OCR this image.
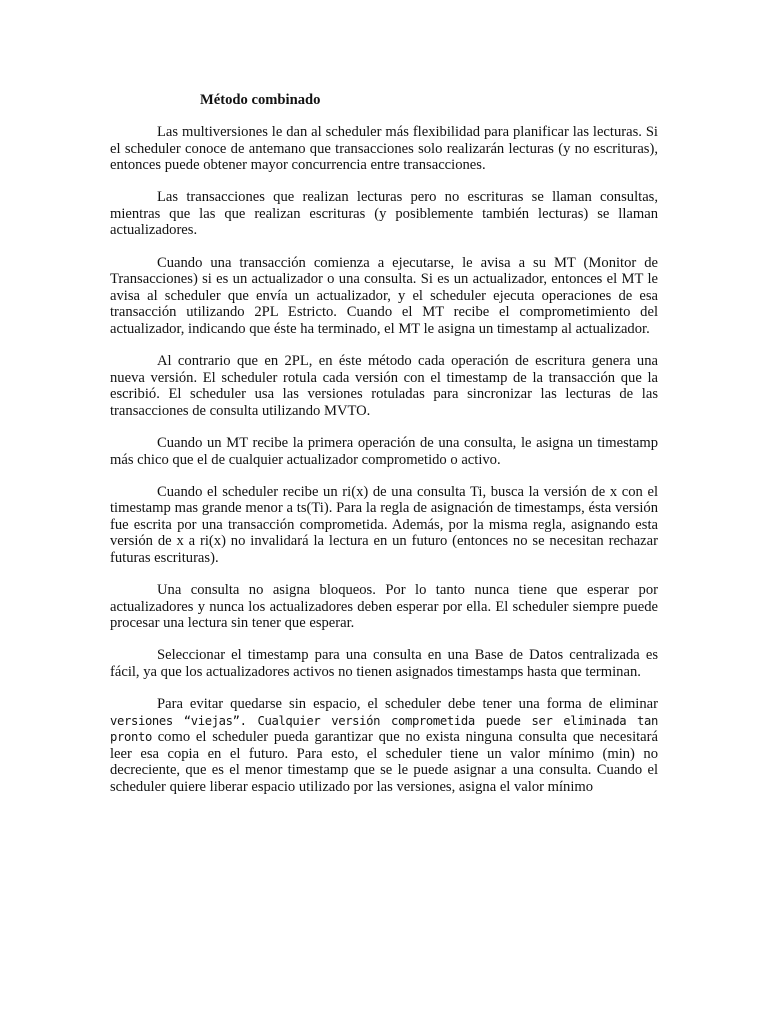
Método combinado

Las multiversiones le dan al scheduler más flexibilidad para planificar las lecturas. Si el scheduler conoce de antemano que transacciones solo realizarán lecturas (y no escrituras), entonces puede obtener mayor concurrencia entre transacciones.

Las transacciones que realizan lecturas pero no escrituras se llaman consultas, mientras que las que realizan escrituras (y posiblemente también lecturas) se llaman actualizadores.

Cuando una transacción comienza a ejecutarse, le avisa a su MT (Monitor de Transacciones) si es un actualizador o una consulta. Si es un actualizador, entonces el MT le avisa al scheduler que envía un actualizador, y el scheduler ejecuta operaciones de esa transacción utilizando 2PL Estricto. Cuando el MT recibe el comprometimiento del actualizador, indicando que éste ha terminado, el MT le asigna un timestamp al actualizador.

Al contrario que en 2PL, en éste método cada operación de escritura genera una nueva versión. El scheduler rotula cada versión con el timestamp de la transacción que la escribió. El scheduler usa las versiones rotuladas para sincronizar las lecturas de las transacciones de consulta utilizando MVTO.

Cuando un MT recibe la primera operación de una consulta, le asigna un timestamp más chico que el de cualquier actualizador comprometido o activo.

Cuando el scheduler recibe un ri(x) de una consulta Ti, busca la versión de x con el timestamp mas grande menor a ts(Ti). Para la regla de asignación de timestamps, ésta versión fue escrita por una transacción comprometida. Además, por la misma regla, asignando esta versión de x a ri(x) no invalidará la lectura en un futuro (entonces no se necesitan rechazar futuras escrituras).

Una consulta no asigna bloqueos. Por lo tanto nunca tiene que esperar por actualizadores y nunca los actualizadores deben esperar por ella. El scheduler siempre puede procesar una lectura sin tener que esperar.

Seleccionar el timestamp para una consulta en una Base de Datos centralizada es fácil, ya que los actualizadores activos no tienen asignados timestamps hasta que terminan.

Para evitar quedarse sin espacio, el scheduler debe tener una forma de eliminar versiones “viejas”. Cualquier versión comprometida puede ser eliminada tan pronto como el scheduler pueda garantizar que no exista ninguna consulta que necesitará leer esa copia en el futuro. Para esto, el scheduler tiene un valor mínimo (min) no decreciente, que es el menor timestamp que se le puede asignar a una consulta. Cuando el scheduler quiere liberar espacio utilizado por las versiones, asigna el valor mínimo
